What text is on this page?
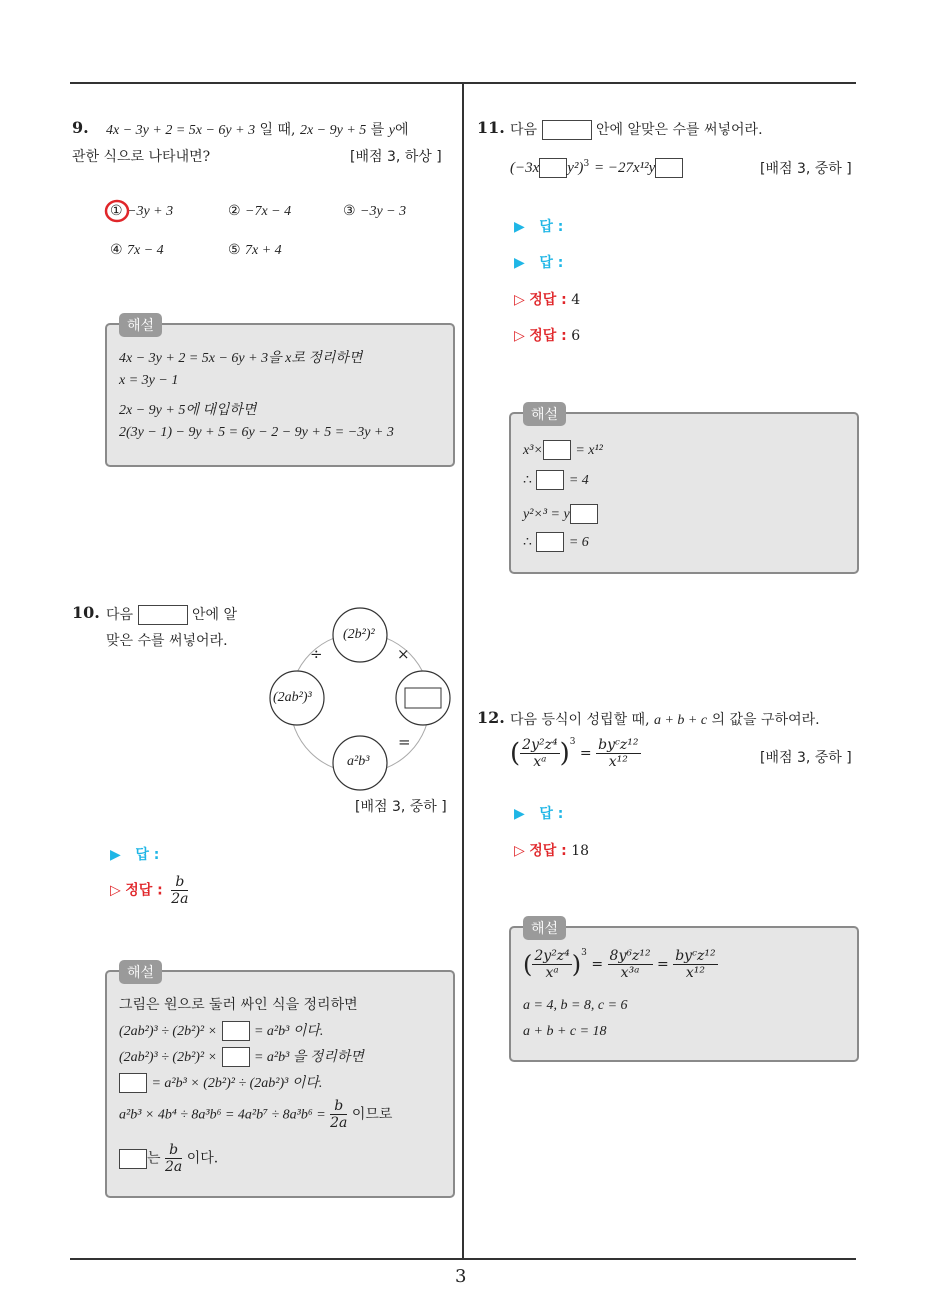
3
9. 4x − 3y + 2 = 5x − 6y + 3 일 때, 2x − 9y + 5 를 y에
관한 식으로 나타내면?	[배점 3, 하상 ]
① −3y + 3	② −7x − 4	③ −3y − 3
④ 7x − 4	⑤ 7x + 4
해설
4x − 3y + 2 = 5x − 6y + 3을 x로 정리하면
x = 3y − 1
2x − 9y + 5에 대입하면
2(3y − 1) − 9y + 5 = 6y − 2 − 9y + 5 = −3y + 3
10. 다음	안에 알
맞은 수를 써넣어라.	(2b²)²
(2ab²)³
a²b³
÷	×
=
[배점 3, 중하 ]
▶ 답 :
▷ 정답 : $\frac{b}{2a}$
해설
그림은 원으로 둘러 싸인 식을 정리하면
(2ab²)³ ÷ (2b²)² ×	= a²b³ 이다.
(2ab²)³ ÷ (2b²)² ×	= a²b³ 을 정리하면
= a²b³ × (2b²)² ÷ (2ab²)³ 이다.
$a^2b^3 \times 4b^4 \div 8a^3b^6 = 4a^2b^7 \div 8a^3b^6 = \frac{b}{2a}$ 이므로
는 $\frac{b}{2a}$ 이다.
11. 다음	안에 알맞은 수를 써넣어라.
(−3x y²)$^3$ = −27x¹²y	[배점 3, 중하 ]
▶ 답 :
▶ 답 :
▷ 정답 : 4
▷ 정답 : 6
해설
x³× = x¹²
∴	= 4
y²×³ = y
∴	= 6
12. 다음 등식이 성립할 때, a + b + c 의 값을 구하여라.
( $\frac{\text{2y²z⁴}}{\text{xᵃ}} )^3 = \frac{\text{byᶜz¹²}}{\text{x¹²}}$	[배점 3, 중하 ]
▶ 답 :
▷ 정답 : 18
해설
( $\frac{\text{2y²z⁴}}{\text{xᵃ}} )^3 = \frac{\text{8y⁶z¹²}}{\text{x³ᵃ}} = \frac{\text{byᶜz¹²}}{\text{x¹²}}$
a = 4, b = 8, c = 6
a + b + c = 18
